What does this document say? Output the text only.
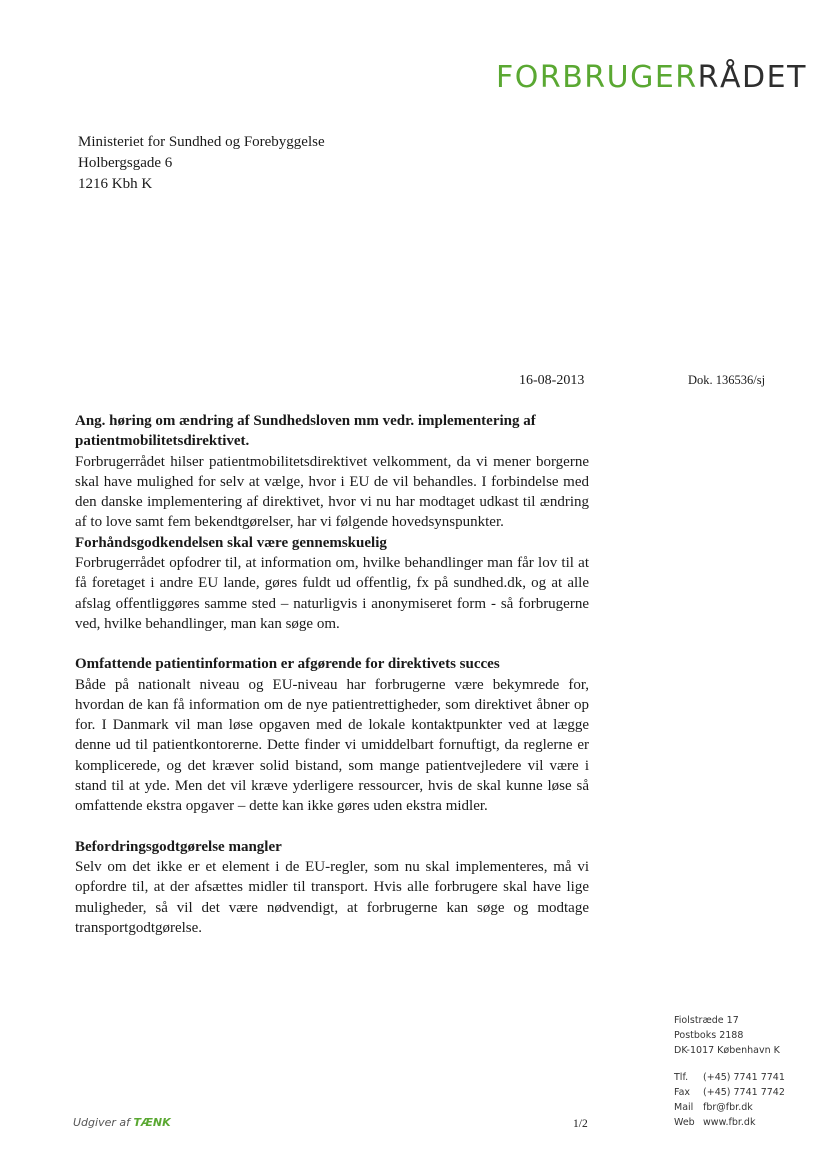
FORBRUGERRÅDET
Ministeriet for Sundhed og Forebyggelse
Holbergsgade 6
1216 Kbh K
16-08-2013	Dok. 136536/sj

Ang. høring om ændring af Sundhedsloven mm vedr. implementering af patientmobilitetsdirektivet.

Forbrugerrådet hilser patientmobilitetsdirektivet velkomment, da vi mener borgerne skal have mulighed for selv at vælge, hvor i EU de vil behandles. I forbindelse med den danske implementering af direktivet, hvor vi nu har modtaget udkast til ændring af to love samt fem bekendtgørelser, har vi følgende hovedsynspunkter.

Forhåndsgodkendelsen skal være gennemskuelig

Forbrugerrådet opfodrer til, at information om, hvilke behandlinger man får lov til at få foretaget i andre EU lande, gøres fuldt ud offentlig, fx på sundhed.dk, og at alle afslag offentliggøres samme sted – naturligvis i anonymiseret form - så forbrugerne ved, hvilke behandlinger, man kan søge om.

Omfattende patientinformation er afgørende for direktivets succes

Både på nationalt niveau og EU-niveau har forbrugerne være bekymrede for, hvordan de kan få information om de nye patientrettigheder, som direktivet åbner op for. I Danmark vil man løse opgaven med de lokale kontaktpunkter ved at lægge denne ud til patientkontorerne. Dette finder vi umiddelbart fornuftigt, da reglerne er komplicerede, og det kræver solid bistand, som mange patientvejledere vil være i stand til at yde. Men det vil kræve yderligere ressourcer, hvis de skal kunne løse så omfattende ekstra opgaver – dette kan ikke gøres uden ekstra midler.

Befordringsgodtgørelse mangler

Selv om det ikke er et element i de EU-regler, som nu skal implementeres, må vi opfordre til, at der afsættes midler til transport. Hvis alle forbrugere skal have lige muligheder, så vil det være nødvendigt, at forbrugerne kan søge og modtage transportgodtgørelse.

Fiolstræde 17
Postboks 2188
DK-1017 København K
Tlf. (+45) 7741 7741
Fax (+45) 7741 7742
Mail fbr@fbr.dk
Web www.fbr.dk
Udgiver af TÆNK	1/2
